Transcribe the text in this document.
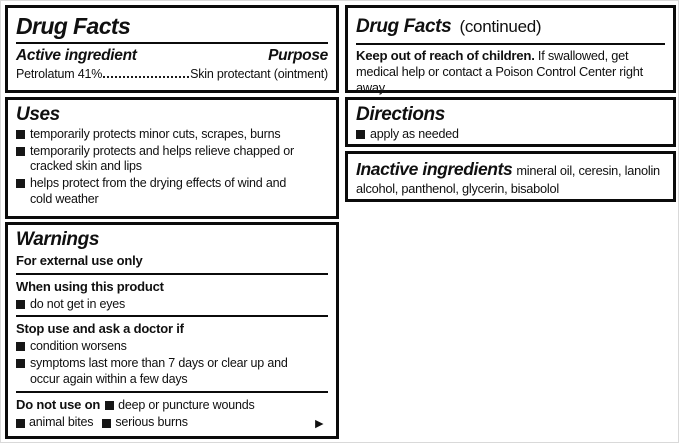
Drug Facts
Active ingredient	Purpose
Petrolatum 41%	Skin protectant (ointment)
Uses
temporarily protects minor cuts, scrapes, burns
temporarily protects and helps relieve chapped or cracked skin and lips
helps protect from the drying effects of wind and cold weather
Warnings
For external use only
When using this product
do not get in eyes
Stop use and ask a doctor if
condition worsens
symptoms last more than 7 days or clear up and occur again within a few days
Do not use on deep or puncture wounds
animal bites serious burns	►
Drug Facts (continued)
Keep out of reach of children. If swallowed, get medical help or contact a Poison Control Center right away.
Directions
apply as needed
Inactive ingredients mineral oil, ceresin, lanolin alcohol, panthenol, glycerin, bisabolol
